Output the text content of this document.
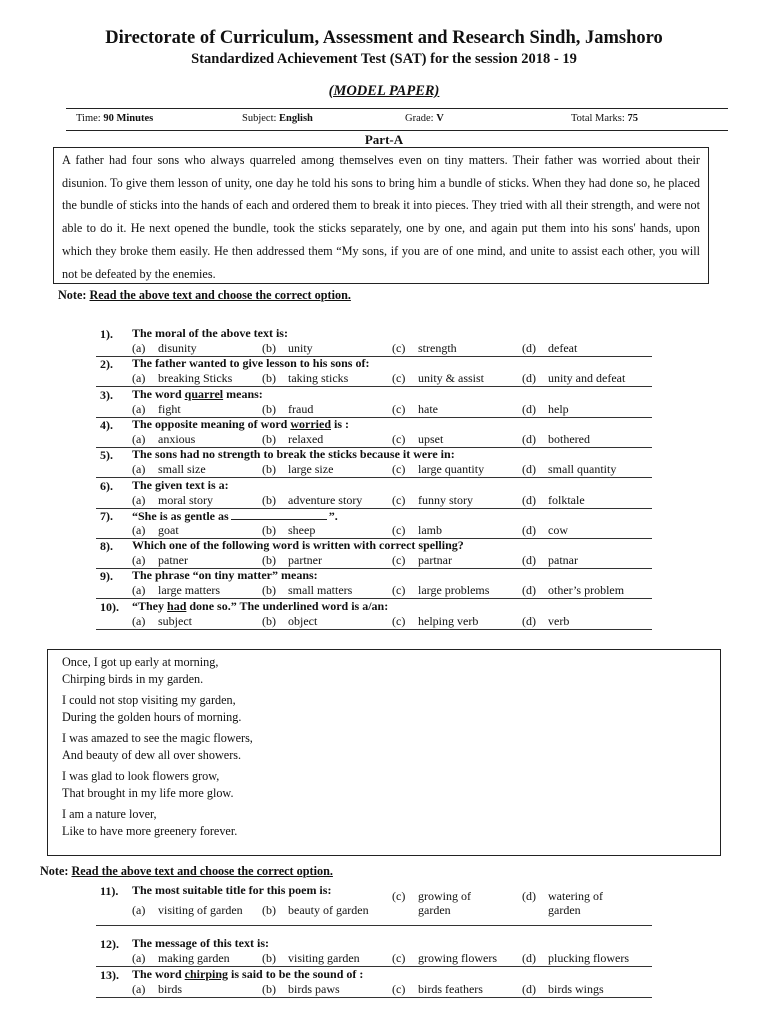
Directorate of Curriculum, Assessment and Research Sindh, Jamshoro
Standardized Achievement Test (SAT) for the session 2018 - 19
(MODEL PAPER)
Time: 90 Minutes	Subject: English	Grade: V	Total Marks: 75
Part-A
A father had four sons who always quarreled among themselves even on tiny matters. Their father was worried about their disunion. To give them lesson of unity, one day he told his sons to bring him a bundle of sticks. When they had done so, he placed the bundle of sticks into the hands of each and ordered them to break it into pieces. They tried with all their strength, and were not able to do it. He next opened the bundle, took the sticks separately, one by one, and again put them into his sons' hands, upon which they broke them easily. He then addressed them “My sons, if you are of one mind, and unite to assist each other, you will not be defeated by the enemies.
Note: Read the above text and choose the correct option.
1). The moral of the above text is:
(a) disunity	(b) unity	(c) strength	(d) defeat
2). The father wanted to give lesson to his sons of:
(a) breaking Sticks (b) taking sticks	(c) unity & assist	(d) unity and defeat
3). The word quarrel means:
(a) fight	(b) fraud	(c) hate	(d) help
4). The opposite meaning of word worried is :
(a) anxious	(b) relaxed	(c) upset	(d) bothered
5). The sons had no strength to break the sticks because it were in:
(a) small size	(b) large size	(c) large quantity	(d) small quantity
6). The given text is a:
(a) moral story	(b) adventure story (c) funny story	(d) folktale
7). “She is as gentle as	”.
(a) goat	(b) sheep	(c) lamb	(d) cow
8). Which one of the following word is written with correct spelling?
(a) patner	(b) partner	(c) partnar	(d) patnar
9). The phrase “on tiny matter” means:
(a) large matters	(b) small matters	(c) large problems	(d) other’s problem
10). “They had done so.” The underlined word is a/an:
(a) subject	(b) object	(c) helping verb	(d) verb
Once, I got up early at morning,
Chirping birds in my garden.
I could not stop visiting my garden,
During the golden hours of morning.
I was amazed to see the magic flowers,
And beauty of dew all over showers.
I was glad to look flowers grow,
That brought in my life more glow.
I am a nature lover,
Like to have more greenery forever.
Note: Read the above text and choose the correct option.
11). The most suitable title for this poem is:
(a) visiting of garden (b) beauty of garden
(c) growing of garden
(d) watering of garden
12). The message of this text is:
(a) making garden	(b) visiting garden	(c) growing flowers (d) plucking flowers
13). The word chirping is said to be the sound of :
(a) birds	(b) birds paws	(c) birds feathers	(d) birds wings
